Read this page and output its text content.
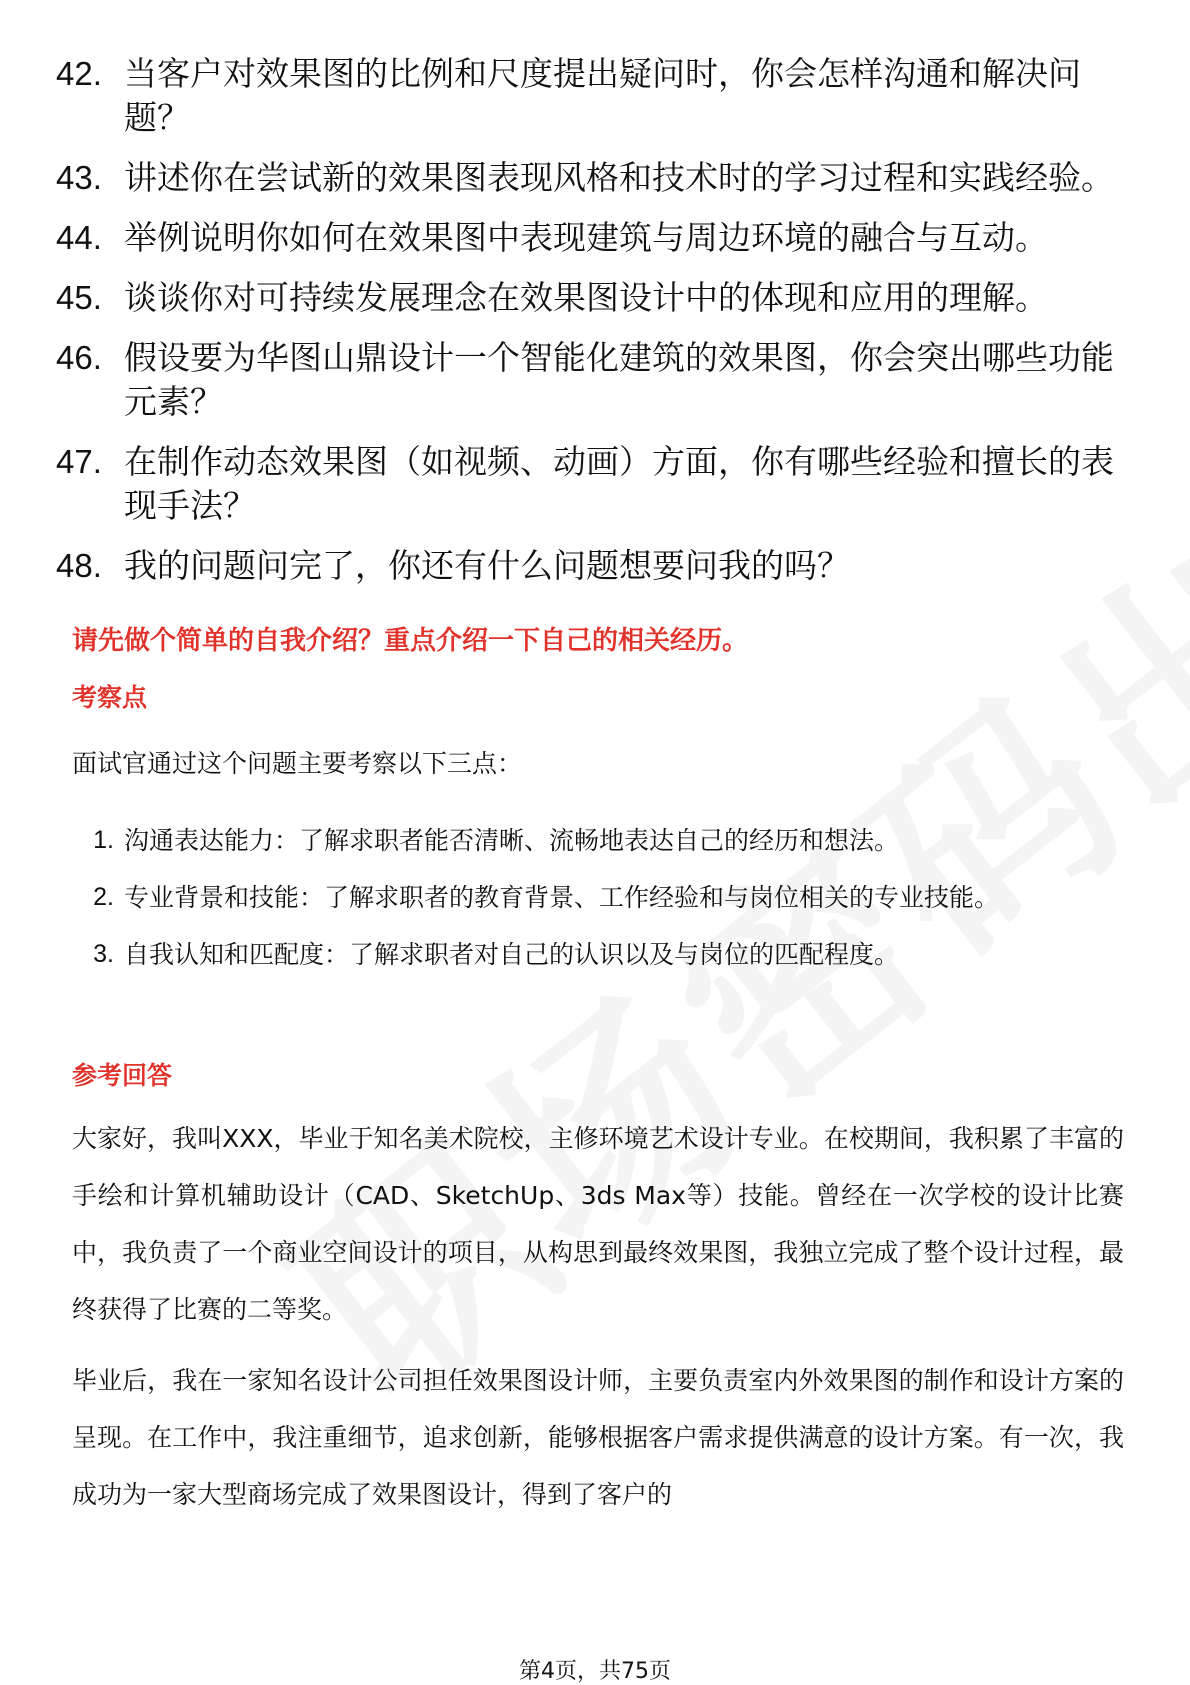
42. 当客户对效果图的比例和尺度提出疑问时，你会怎样沟通和解决问题？
43. 讲述你在尝试新的效果图表现风格和技术时的学习过程和实践经验。
44. 举例说明你如何在效果图中表现建筑与周边环境的融合与互动。
45. 谈谈你对可持续发展理念在效果图设计中的体现和应用的理解。
46. 假设要为华图山鼎设计一个智能化建筑的效果图，你会突出哪些功能元素？
47. 在制作动态效果图（如视频、动画）方面，你有哪些经验和擅长的表现手法？
48. 我的问题问完了，你还有什么问题想要问我的吗？
请先做个简单的自我介绍？重点介绍一下自己的相关经历。
考察点
面试官通过这个问题主要考察以下三点：
1. 沟通表达能力：了解求职者能否清晰、流畅地表达自己的经历和想法。
2. 专业背景和技能：了解求职者的教育背景、工作经验和与岗位相关的专业技能。
3. 自我认知和匹配度：了解求职者对自己的认识以及与岗位的匹配程度。
参考回答
大家好，我叫XXX，毕业于知名美术院校，主修环境艺术设计专业。在校期间，我积累了丰富的手绘和计算机辅助设计（CAD、SketchUp、3ds Max等）技能。曾经在一次学校的设计比赛中，我负责了一个商业空间设计的项目，从构思到最终效果图，我独立完成了整个设计过程，最终获得了比赛的二等奖。
毕业后，我在一家知名设计公司担任效果图设计师，主要负责室内外效果图的制作和设计方案的呈现。在工作中，我注重细节，追求创新，能够根据客户需求提供满意的设计方案。有一次，我成功为一家大型商场完成了效果图设计，得到了客户的
第4页，共75页
